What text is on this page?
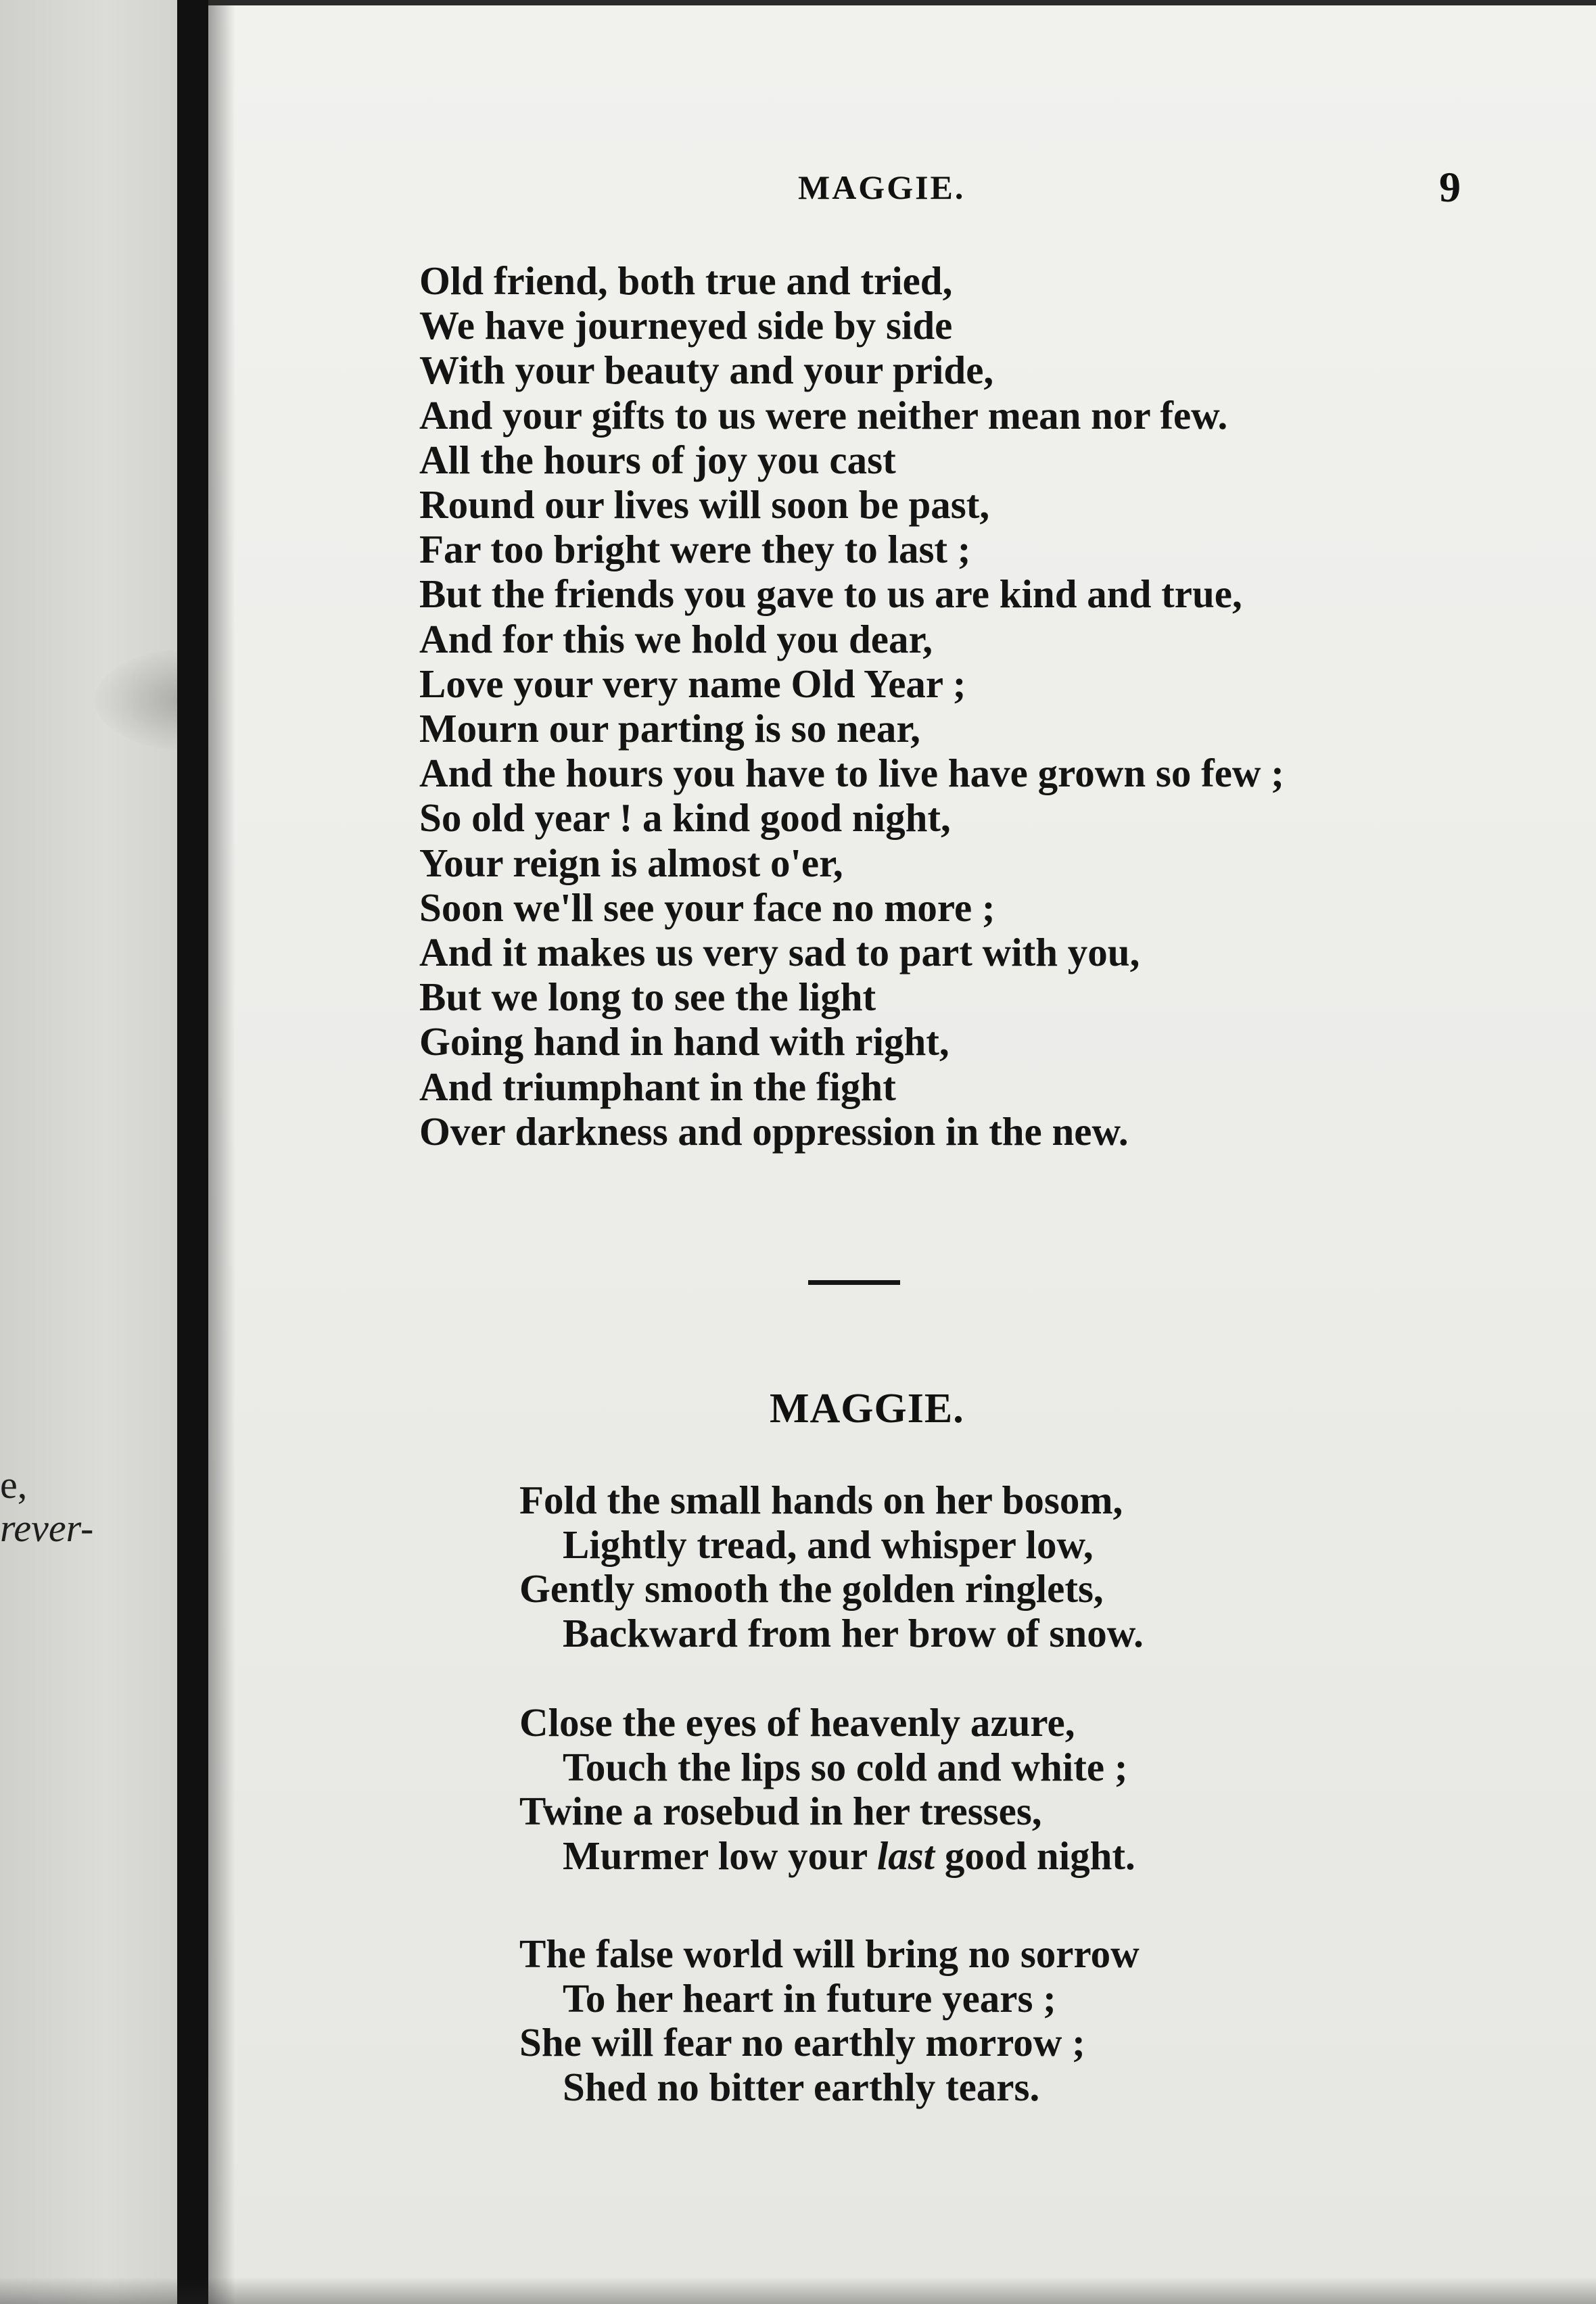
e,
rever-
MAGGIE.	9
Old friend, both true and tried,
We have journeyed side by side
With your beauty and your pride,
And your gifts to us were neither mean nor few.
All the hours of joy you cast
Round our lives will soon be past,
Far too bright were they to last ;
But the friends you gave to us are kind and true,
And for this we hold you dear,
Love your very name Old Year ;
Mourn our parting is so near,
And the hours you have to live have grown so few ;
So old year ! a kind good night,
Your reign is almost o'er,
Soon we'll see your face no more ;
And it makes us very sad to part with you,
But we long to see the light
Going hand in hand with right,
And triumphant in the fight
Over darkness and oppression in the new.
MAGGIE.
Fold the small hands on her bosom,
Lightly tread, and whisper low,
Gently smooth the golden ringlets,
Backward from her brow of snow.
Close the eyes of heavenly azure,
Touch the lips so cold and white ;
Twine a rosebud in her tresses,
Murmer low your last good night.
The false world will bring no sorrow
To her heart in future years ;
She will fear no earthly morrow ;
Shed no bitter earthly tears.
